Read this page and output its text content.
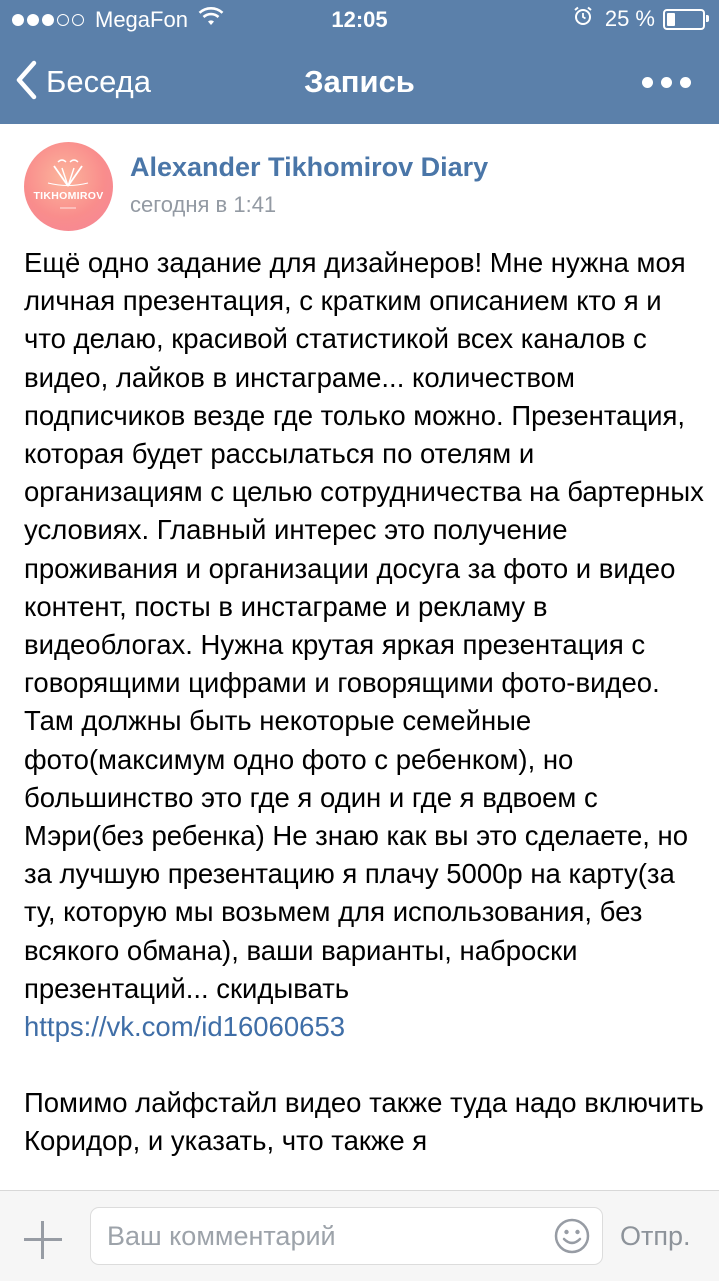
MegaFon	12:05	25 %
Беседа	Запись
TIKHOMIROV
Alexander Tikhomirov Diary
сегодня в 1:41

Ещё одно задание для дизайнеров! Мне нужна моя личная презентация, с кратким описанием кто я и что делаю, красивой статистикой всех каналов с видео, лайков в инстаграме... количеством подписчиков везде где только можно. Презентация, которая будет рассылаться по отелям и организациям с целью сотрудничества на бартерных условиях. Главный интерес это получение проживания и организации досуга за фото и видео контент, посты в инстаграме и рекламу в видеоблогах. Нужна крутая яркая презентация с говорящими цифрами и говорящими фото-видео. Там должны быть некоторые семейные фото(максимум одно фото с ребенком), но большинство это где я один и где я вдвоем с Мэри(без ребенка) Не знаю как вы это сделаете, но за лучшую презентацию я плачу 5000р на карту(за ту, которую мы возьмем для использования, без всякого обмана), ваши варианты, наброски презентаций... скидывать

https://vk.com/id16060653

Помимо лайфстайл видео также туда надо включить Коридор, и указать, что также я

Ваш комментарий	Отпр.
